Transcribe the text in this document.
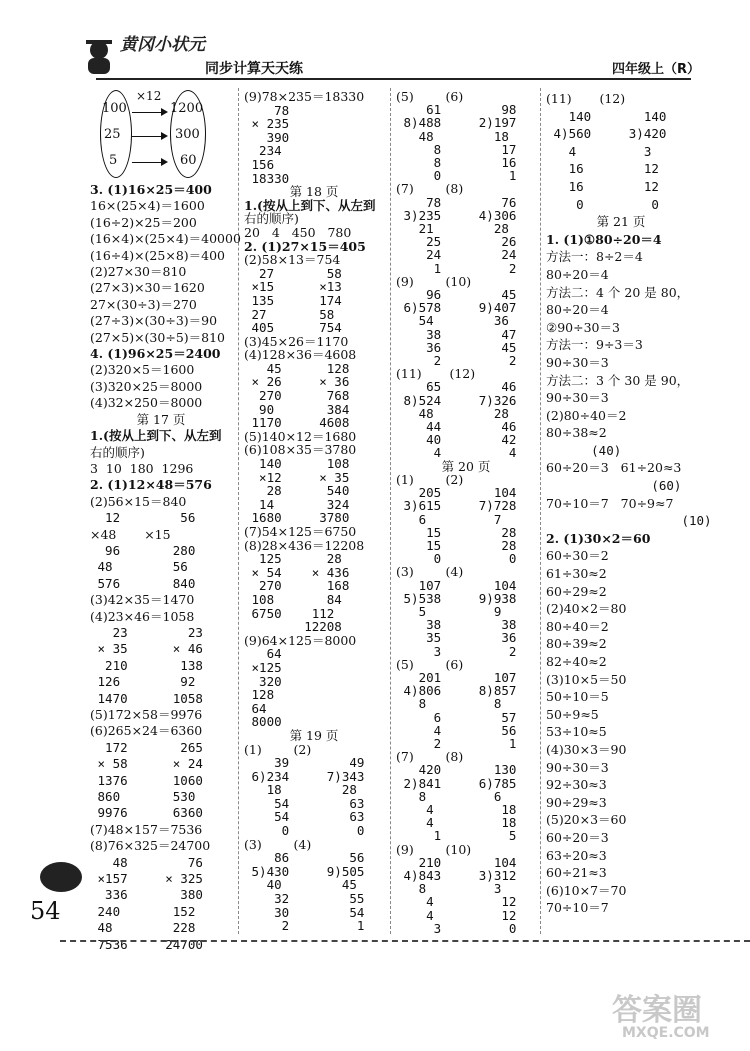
黄冈小状元
同步计算天天练	四年级上（R）

100

25

5

1200

300

60

×12

3. (1)16×25＝400
16×(25×4)＝1600
(16÷2)×25＝200
(16×4)×(25×4)＝40000
(16÷4)×(25×8)＝400
(2)27×30＝810
(27×3)×30＝1620
27×(30÷3)＝270
(27÷3)×(30÷3)＝90
(27×5)×(30÷5)＝810
4. (1)96×25＝2400
(2)320×5＝1600
(3)320×25＝8000
(4)32×250＝8000
第 17 页
1.(按从上到下、从左到
右的顺序)
3  10  180  1296
2. (1)12×48＝576
(2)56×15＝840
12        56
×48       ×15
96       280
48        56
576       840
(3)42×35＝1470
(4)23×46＝1058
23        23
× 35      × 46
210       138
126        92
1470      1058
(5)172×58＝9976
(6)265×24＝6360
172       265
× 58      × 24
1376      1060
860       530
9976      6360
(7)48×157＝7536
(8)76×325＝24700
48        76
×157     × 325
336       380
240       152
48        228
7536     24700
(9)78×235＝18330
78
× 235
390
234
156
18330
第 18 页
1.(按从上到下、从左到
右的顺序)
20   4   450   780
2. (1)27×15＝405
(2)58×13＝754
27       58
×15      ×13
135      174
27       58
405      754
(3)45×26＝1170
(4)128×36＝4608
45      128
× 26     × 36
270      768
90       384
1170     4608
(5)140×12＝1680
(6)108×35＝3780
140      108
×12     × 35
28      540
14       324
1680     3780
(7)54×125＝6750
(8)28×436＝12208
125      28
× 54    × 436
270      168
108       84
6750    112
12208
(9)64×125＝8000
64
×125
320
128
64
8000
第 19 页
(1)        (2)
39        49
6)234     7)343
18        28
54        63
54        63
0         0
(3)        (4)
86        56
5)430     9)505
40        45
32        55
30        54
2         1
(5)        (6)
61        98
8)488     2)197
48        18
8        17
8        16
0         1
(7)        (8)
78        76
3)235     4)306
21        28
25        26
24        24
1         2
(9)        (10)
96        45
6)578     9)407
54        36
38        47
36        45
2         2
(11)       (12)
65        46
8)524     7)326
48        28
44        46
40        42
4         4
第 20 页
(1)        (2)
205       104
3)615     7)728
6         7
15        28
15        28
0         0
(3)        (4)
107       104
5)538     9)938
5         9
38        38
35        36
3         2
(5)        (6)
201       107
4)806     8)857
8         8
6        57
4        56
2         1
(7)        (8)
420       130
2)841     6)785
8         6
4         18
4         18
1         5
(9)        (10)
210       104
4)843     3)312
8         3
4         12
4         12
3         0
(11)       (12)
140       140
4)560     3)420
4         3
16        12
16        12
0         0
第 21 页
1. (1)①80÷20＝4
方法一：8÷2＝4
80÷20＝4
方法二：4 个 20 是 80，
80÷20＝4
②90÷30＝3
方法一：9÷3＝3
90÷30＝3
方法二：3 个 30 是 90，
90÷30＝3
(2)80÷40＝2
80÷38≈2
(40)
60÷20＝3   61÷20≈3
(60)
70÷10＝7   70÷9≈7
(10)
2. (1)30×2＝60
60÷30＝2
61÷30≈2
60÷29≈2
(2)40×2＝80
80÷40＝2
80÷39≈2
82÷40≈2
(3)10×5＝50
50÷10＝5
50÷9≈5
53÷10≈5
(4)30×3＝90
90÷30＝3
92÷30≈3
90÷29≈3
(5)20×3＝60
60÷20＝3
63÷20≈3
60÷21≈3
(6)10×7＝70
70÷10＝7
54
答案圈
MXQE.COM
